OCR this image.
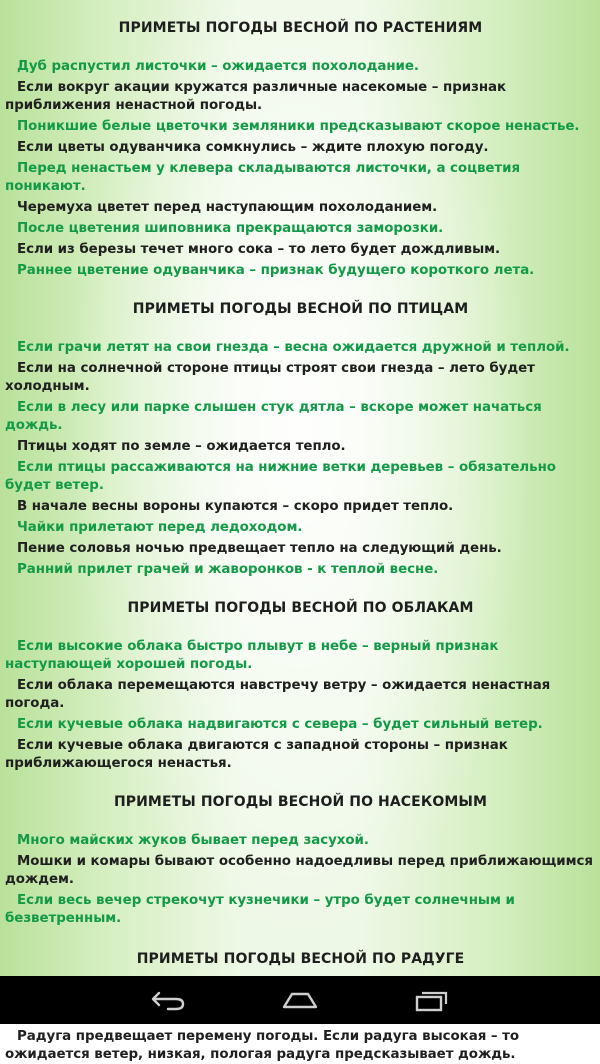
ПРИМЕТЫ ПОГОДЫ ВЕСНОЙ ПО РАСТЕНИЯМ

Дуб распустил листочки – ожидается похолодание.

Если вокруг акации кружатся различные насекомые – признак приближения ненастной погоды.

Поникшие белые цветочки земляники предсказывают скорое ненастье.

Если цветы одуванчика сомкнулись – ждите плохую погоду.

Перед ненастьем у клевера складываются листочки, а соцветия поникают.

Черемуха цветет перед наступающим похолоданием.

После цветения шиповника прекращаются заморозки.

Если из березы течет много сока – то лето будет дождливым.

Раннее цветение одуванчика – признак будущего короткого лета.

ПРИМЕТЫ ПОГОДЫ ВЕСНОЙ ПО ПТИЦАМ

Если грачи летят на свои гнезда – весна ожидается дружной и теплой.

Если на солнечной стороне птицы строят свои гнезда – лето будет холодным.

Если в лесу или парке слышен стук дятла – вскоре может начаться дождь.

Птицы ходят по земле – ожидается тепло.

Если птицы рассаживаются на нижние ветки деревьев – обязательно будет ветер.

В начале весны вороны купаются – скоро придет тепло.

Чайки прилетают перед ледоходом.

Пение соловья ночью предвещает тепло на следующий день.

Ранний прилет грачей и жаворонков - к теплой весне.

ПРИМЕТЫ ПОГОДЫ ВЕСНОЙ ПО ОБЛАКАМ

Если высокие облака быстро плывут в небе – верный признак наступающей хорошей погоды.

Если облака перемещаются навстречу ветру – ожидается ненастная погода.

Если кучевые облака надвигаются с севера – будет сильный ветер.

Если кучевые облака двигаются с западной стороны – признак приближающегося ненастья.

ПРИМЕТЫ ПОГОДЫ ВЕСНОЙ ПО НАСЕКОМЫМ

Много майских жуков бывает перед засухой.

Мошки и комары бывают особенно надоедливы перед приближающимся дождем.

Если весь вечер стрекочут кузнечики – утро будет солнечным и безветренным.

ПРИМЕТЫ ПОГОДЫ ВЕСНОЙ ПО РАДУГЕ

Радуга предвещает перемену погоды. Если радуга высокая – то ожидается ветер, низкая, пологая радуга предсказывает дождь.
